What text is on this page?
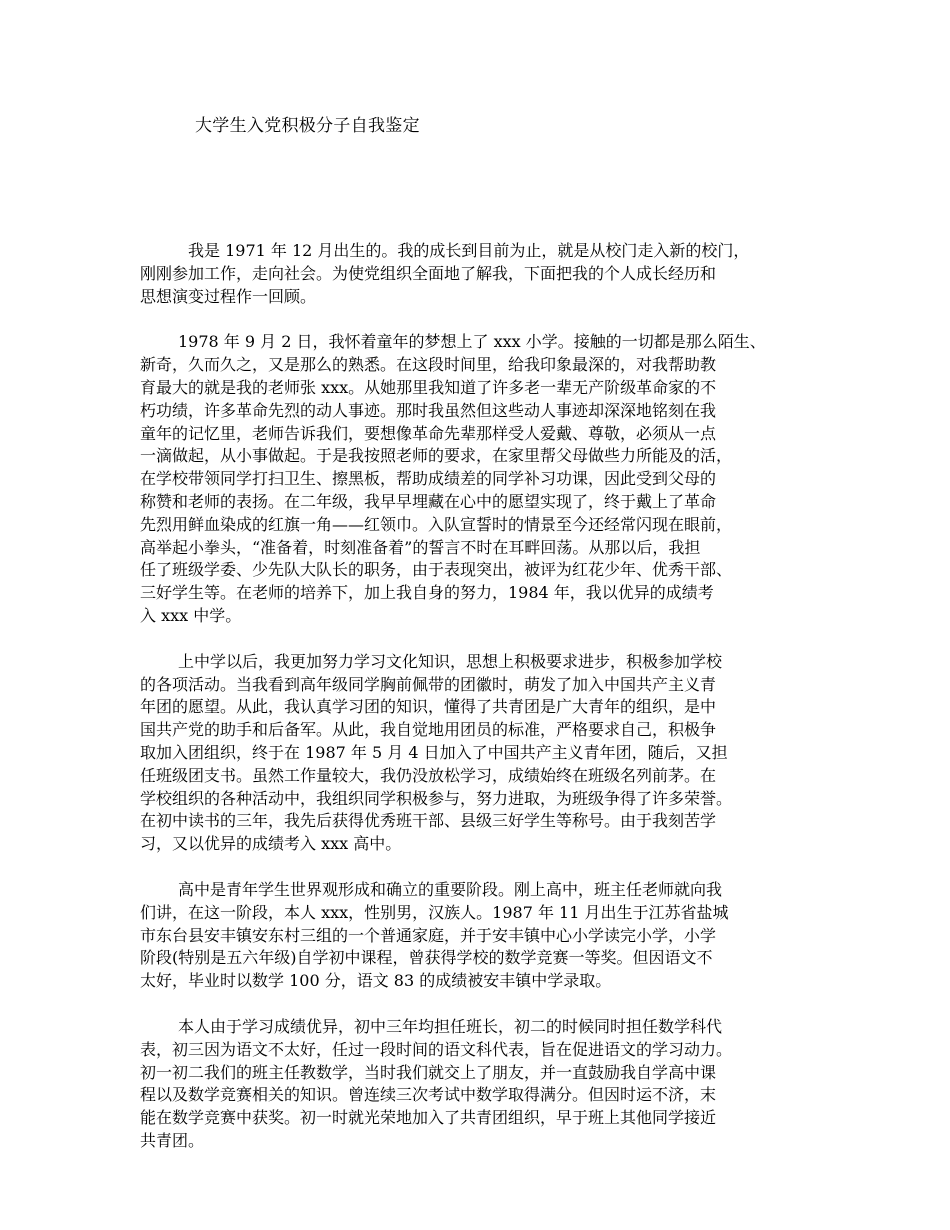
大学生入党积极分子自我鉴定

我是 1971 年 12 月出生的。我的成长到目前为止，就是从校门走入新的校门，
刚刚参加工作，走向社会。为使党组织全面地了解我，下面把我的个人成长经历和
思想演变过程作一回顾。

1978 年 9 月 2 日，我怀着童年的梦想上了 xxx 小学。接触的一切都是那么陌生、
新奇，久而久之，又是那么的熟悉。在这段时间里，给我印象最深的，对我帮助教
育最大的就是我的老师张 xxx。从她那里我知道了许多老一辈无产阶级革命家的不
朽功绩，许多革命先烈的动人事迹。那时我虽然但这些动人事迹却深深地铭刻在我
童年的记忆里，老师告诉我们，要想像革命先辈那样受人爱戴、尊敬，必须从一点
一滴做起，从小事做起。于是我按照老师的要求，在家里帮父母做些力所能及的活，
在学校带领同学打扫卫生、擦黑板，帮助成绩差的同学补习功课，因此受到父母的
称赞和老师的表扬。在二年级，我早早埋藏在心中的愿望实现了，终于戴上了革命
先烈用鲜血染成的红旗一角——红领巾。入队宣誓时的情景至今还经常闪现在眼前，
高举起小拳头，“准备着，时刻准备着”的誓言不时在耳畔回荡。从那以后，我担
任了班级学委、少先队大队长的职务，由于表现突出，被评为红花少年、优秀干部、
三好学生等。在老师的培养下，加上我自身的努力，1984 年，我以优异的成绩考
入 xxx 中学。

上中学以后，我更加努力学习文化知识，思想上积极要求进步，积极参加学校
的各项活动。当我看到高年级同学胸前佩带的团徽时，萌发了加入中国共产主义青
年团的愿望。从此，我认真学习团的知识，懂得了共青团是广大青年的组织，是中
国共产党的助手和后备军。从此，我自觉地用团员的标准，严格要求自己，积极争
取加入团组织，终于在 1987 年 5 月 4 日加入了中国共产主义青年团，随后，又担
任班级团支书。虽然工作量较大，我仍没放松学习，成绩始终在班级名列前茅。在
学校组织的各种活动中，我组织同学积极参与，努力进取，为班级争得了许多荣誉。
在初中读书的三年，我先后获得优秀班干部、县级三好学生等称号。由于我刻苦学
习，又以优异的成绩考入 xxx 高中。

高中是青年学生世界观形成和确立的重要阶段。刚上高中，班主任老师就向我
们讲，在这一阶段，本人 xxx，性别男，汉族人。1987 年 11 月出生于江苏省盐城
市东台县安丰镇安东村三组的一个普通家庭，并于安丰镇中心小学读完小学，小学
阶段(特别是五六年级)自学初中课程，曾获得学校的数学竞赛一等奖。但因语文不
太好，毕业时以数学 100 分，语文 83 的成绩被安丰镇中学录取。

本人由于学习成绩优异，初中三年均担任班长，初二的时候同时担任数学科代
表，初三因为语文不太好，任过一段时间的语文科代表，旨在促进语文的学习动力。
初一初二我们的班主任教数学，当时我们就交上了朋友，并一直鼓励我自学高中课
程以及数学竞赛相关的知识。曾连续三次考试中数学取得满分。但因时运不济，末
能在数学竞赛中获奖。初一时就光荣地加入了共青团组织，早于班上其他同学接近
共青团。
